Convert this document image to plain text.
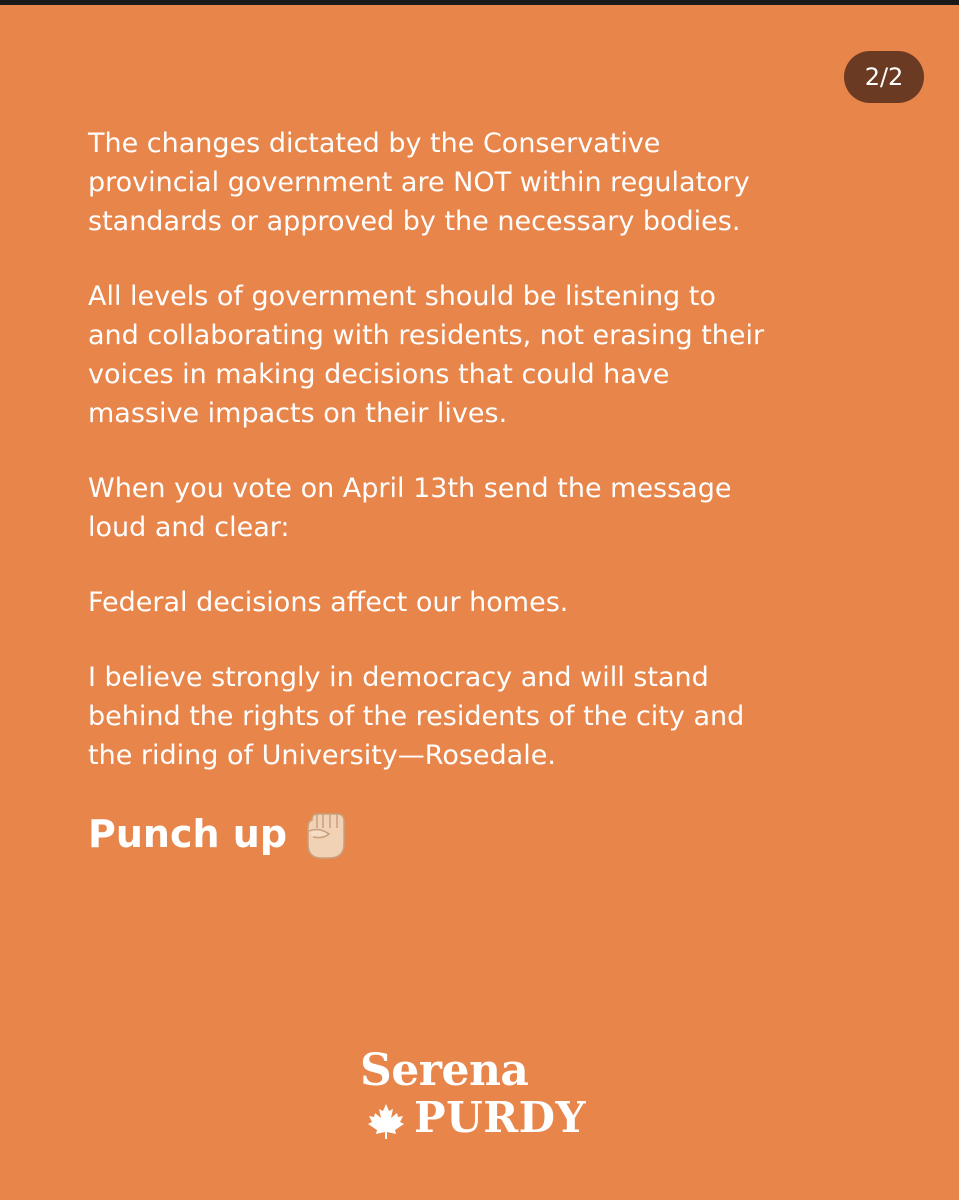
2/2

The changes dictated by the Conservative
provincial government are NOT within regulatory
standards or approved by the necessary bodies.

All levels of government should be listening to
and collaborating with residents, not erasing their
voices in making decisions that could have
massive impacts on their lives.

When you vote on April 13th send the message
loud and clear:

Federal decisions affect our homes.

I believe strongly in democracy and will stand
behind the rights of the residents of the city and
the riding of University—Rosedale.

Punch up
Serena
PURDY
